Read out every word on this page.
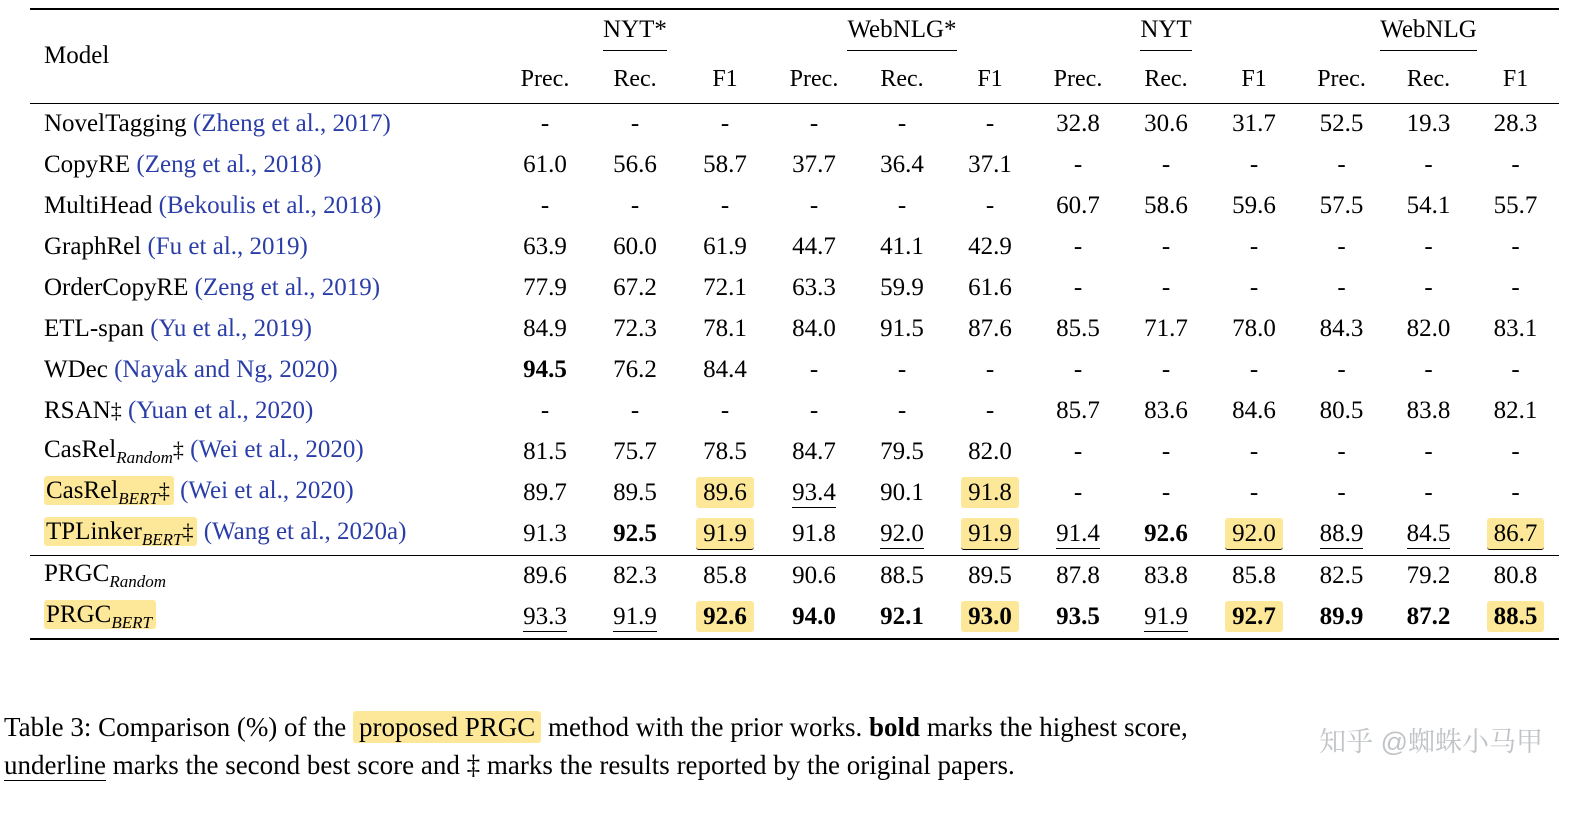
Model	NYT*			WebNLG*			NYT			WebNLG		
	Prec.	Rec.	F1	Prec.	Rec.	F1	Prec.	Rec.	F1	Prec.	Rec.	F1
NovelTagging (Zheng et al., 2017)	-	-	-	-	-	-	32.8	30.6	31.7	52.5	19.3	28.3
CopyRE (Zeng et al., 2018)	61.0	56.6	58.7	37.7	36.4	37.1	-	-	-	-	-	-
MultiHead (Bekoulis et al., 2018)	-	-	-	-	-	-	60.7	58.6	59.6	57.5	54.1	55.7
GraphRel (Fu et al., 2019)	63.9	60.0	61.9	44.7	41.1	42.9	-	-	-	-	-	-
OrderCopyRE (Zeng et al., 2019)	77.9	67.2	72.1	63.3	59.9	61.6	-	-	-	-	-	-
ETL-span (Yu et al., 2019)	84.9	72.3	78.1	84.0	91.5	87.6	85.5	71.7	78.0	84.3	82.0	83.1
WDec (Nayak and Ng, 2020)	94.5	76.2	84.4	-	-	-	-	-	-	-	-	-
RSAN‡ (Yuan et al., 2020)	-	-	-	-	-	-	85.7	83.6	84.6	80.5	83.8	82.1
CasRel$_{Random}$‡ (Wei et al., 2020)	81.5	75.7	78.5	84.7	79.5	82.0	-	-	-	-	-	-
CasRel$_{BERT}$‡ (Wei et al., 2020)	89.7	89.5	89.6	93.4	90.1	91.8	-	-	-	-	-	-
TPLinker$_{BERT}$‡ (Wang et al., 2020a)	91.3	92.5	91.9	91.8	92.0	91.9	91.4	92.6	92.0	88.9	84.5	86.7
$PRGC_{Random}$	89.6	82.3	85.8	90.6	88.5	89.5	87.8	83.8	85.8	82.5	79.2	80.8
$PRGC_{BERT}$	93.3	91.9	92.6	94.0	92.1	93.0	93.5	91.9	92.7	89.9	87.2	88.5

Table 3: Comparison (%) of the proposed PRGC method with the prior works. bold marks the highest score,
underline marks the second best score and ‡ marks the results reported by the original papers.
知乎 @蜘蛛小马甲
